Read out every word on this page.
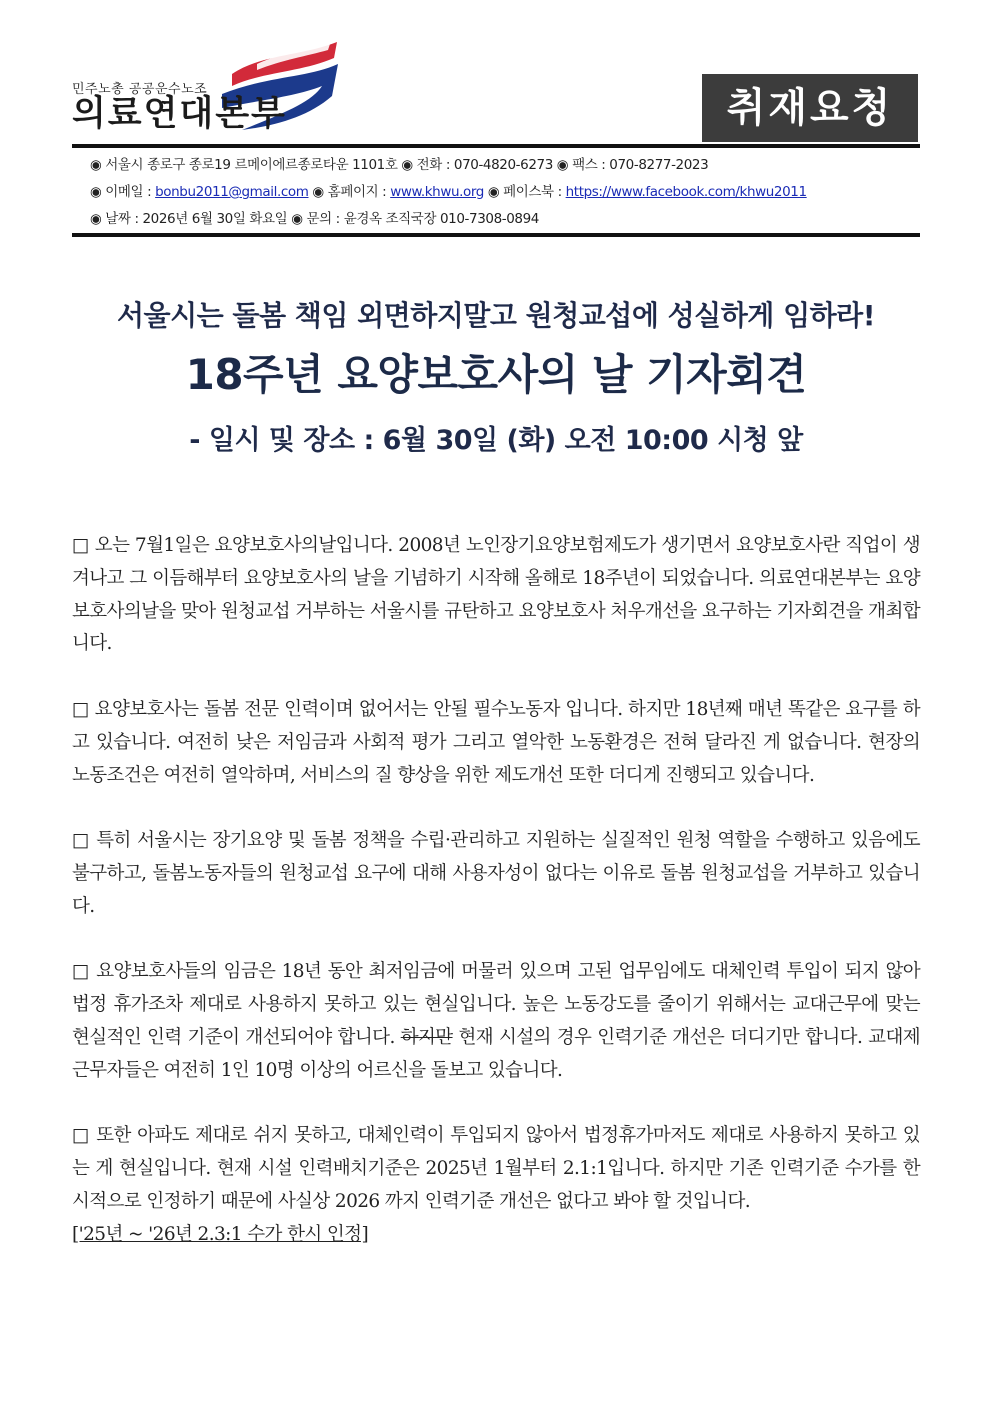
민주노총 공공운수노조
의료연대본부	취재요청
◉ 서울시 종로구 종로19 르메이에르종로타운 1101호 ◉ 전화 : 070-4820-6273 ◉ 팩스 : 070-8277-2023
◉ 이메일 : bonbu2011@gmail.com ◉ 홈페이지 : www.khwu.org ◉ 페이스북 : https://www.facebook.com/khwu2011
◉ 날짜 : 2026년 6월 30일 화요일 ◉ 문의 : 윤경옥 조직국장 010-7308-0894
서울시는 돌봄 책임 외면하지말고 원청교섭에 성실하게 임하라!
18주년 요양보호사의 날 기자회견
- 일시 및 장소 : 6월 30일 (화) 오전 10:00 시청 앞

□ 오는 7월1일은 요양보호사의날입니다. 2008년 노인장기요양보험제도가 생기면서 요양보호사란 직업이 생겨나고 그 이듬해부터 요양보호사의 날을 기념하기 시작해 올해로 18주년이 되었습니다. 의료연대본부는 요양보호사의날을 맞아 원청교섭 거부하는 서울시를 규탄하고 요양보호사 처우개선을 요구하는 기자회견을 개최합니다.

□ 요양보호사는 돌봄 전문 인력이며 없어서는 안될 필수노동자 입니다. 하지만 18년째 매년 똑같은 요구를 하고 있습니다. 여전히 낮은 저임금과 사회적 평가 그리고 열악한 노동환경은 전혀 달라진 게 없습니다. 현장의 노동조건은 여전히 열악하며, 서비스의 질 향상을 위한 제도개선 또한 더디게 진행되고 있습니다.

□ 특히 서울시는 장기요양 및 돌봄 정책을 수립·관리하고 지원하는 실질적인 원청 역할을 수행하고 있음에도 불구하고, 돌봄노동자들의 원청교섭 요구에 대해 사용자성이 없다는 이유로 돌봄 원청교섭을 거부하고 있습니다.

□ 요양보호사들의 임금은 18년 동안 최저임금에 머물러 있으며 고된 업무임에도 대체인력 투입이 되지 않아 법정 휴가조차 제대로 사용하지 못하고 있는 현실입니다. 높은 노동강도를 줄이기 위해서는 교대근무에 맞는 현실적인 인력 기준이 개선되어야 합니다. 하지만 현재 시설의 경우 인력기준 개선은 더디기만 합니다. 교대제 근무자들은 여전히 1인 10명 이상의 어르신을 돌보고 있습니다.

□ 또한 아파도 제대로 쉬지 못하고, 대체인력이 투입되지 않아서 법정휴가마저도 제대로 사용하지 못하고 있는 게 현실입니다. 현재 시설 인력배치기준은 2025년 1월부터 2.1:1입니다. 하지만 기존 인력기준 수가를 한시적으로 인정하기 때문에 사실상 2026 까지 인력기준 개선은 없다고 봐야 할 것입니다.

['25년 ~ '26년 2.3:1 수가 한시 인정]
